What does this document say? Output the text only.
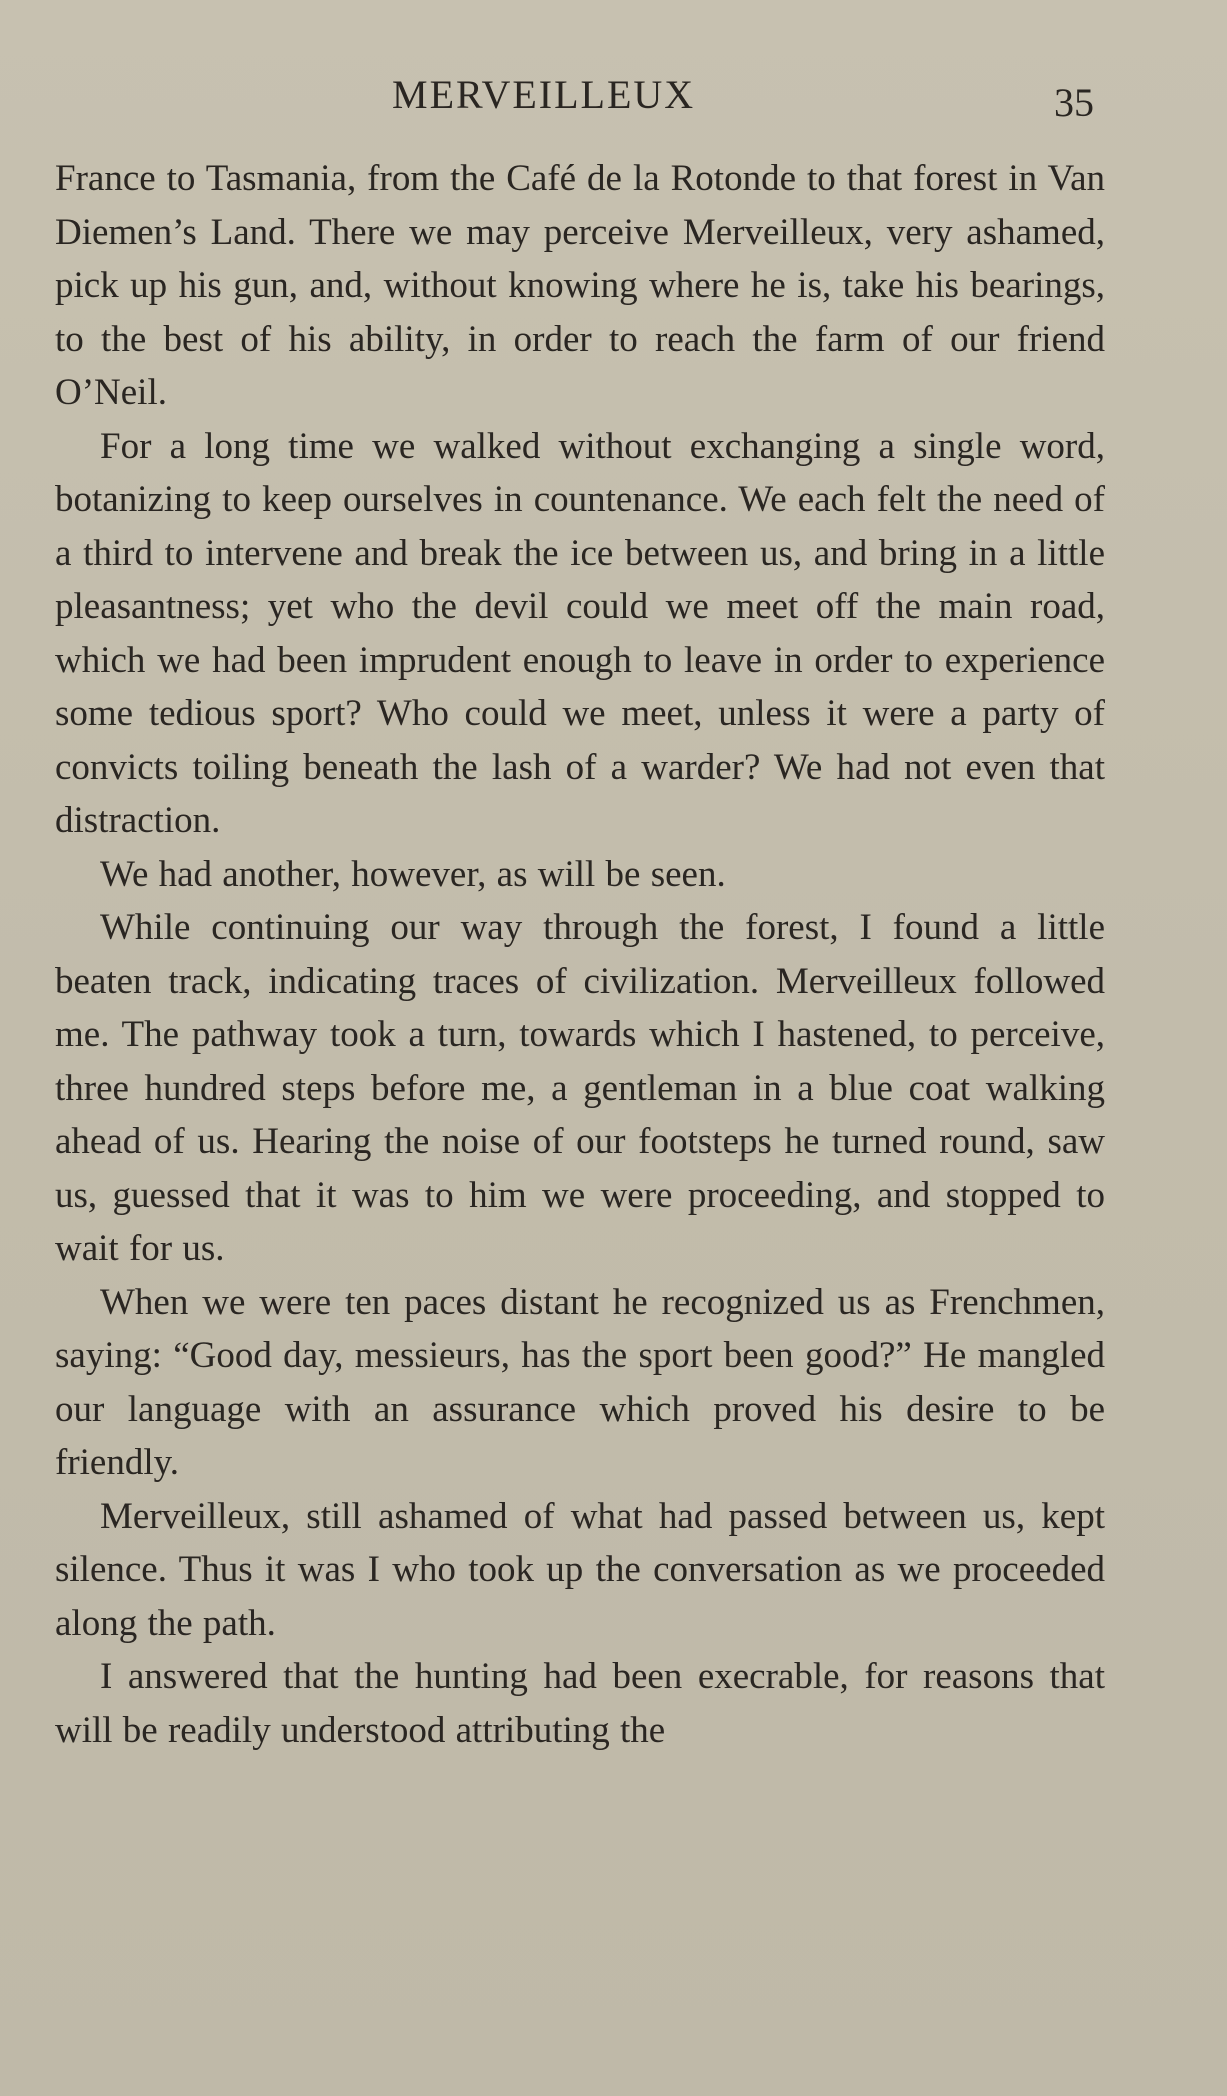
MERVEILLEUX	35

France to Tasmania, from the Café de la Rotonde to that forest in Van Diemen’s Land. There we may perceive Merveilleux, very ashamed, pick up his gun, and, without knowing where he is, take his bearings, to the best of his ability, in order to reach the farm of our friend O’Neil.

For a long time we walked without exchanging a single word, botanizing to keep ourselves in countenance. We each felt the need of a third to intervene and break the ice between us, and bring in a little pleasantness; yet who the devil could we meet off the main road, which we had been imprudent enough to leave in order to experience some tedious sport? Who could we meet, unless it were a party of convicts toiling beneath the lash of a warder? We had not even that distraction.

We had another, however, as will be seen.

While continuing our way through the forest, I found a little beaten track, indicating traces of civilization. Merveilleux followed me. The pathway took a turn, towards which I hastened, to perceive, three hundred steps before me, a gentleman in a blue coat walking ahead of us. Hearing the noise of our footsteps he turned round, saw us, guessed that it was to him we were proceeding, and stopped to wait for us.

When we were ten paces distant he recognized us as Frenchmen, saying: “Good day, messieurs, has the sport been good?” He mangled our language with an assurance which proved his desire to be friendly.

Merveilleux, still ashamed of what had passed between us, kept silence. Thus it was I who took up the conversation as we proceeded along the path.

I answered that the hunting had been execrable, for reasons that will be readily understood attributing the
